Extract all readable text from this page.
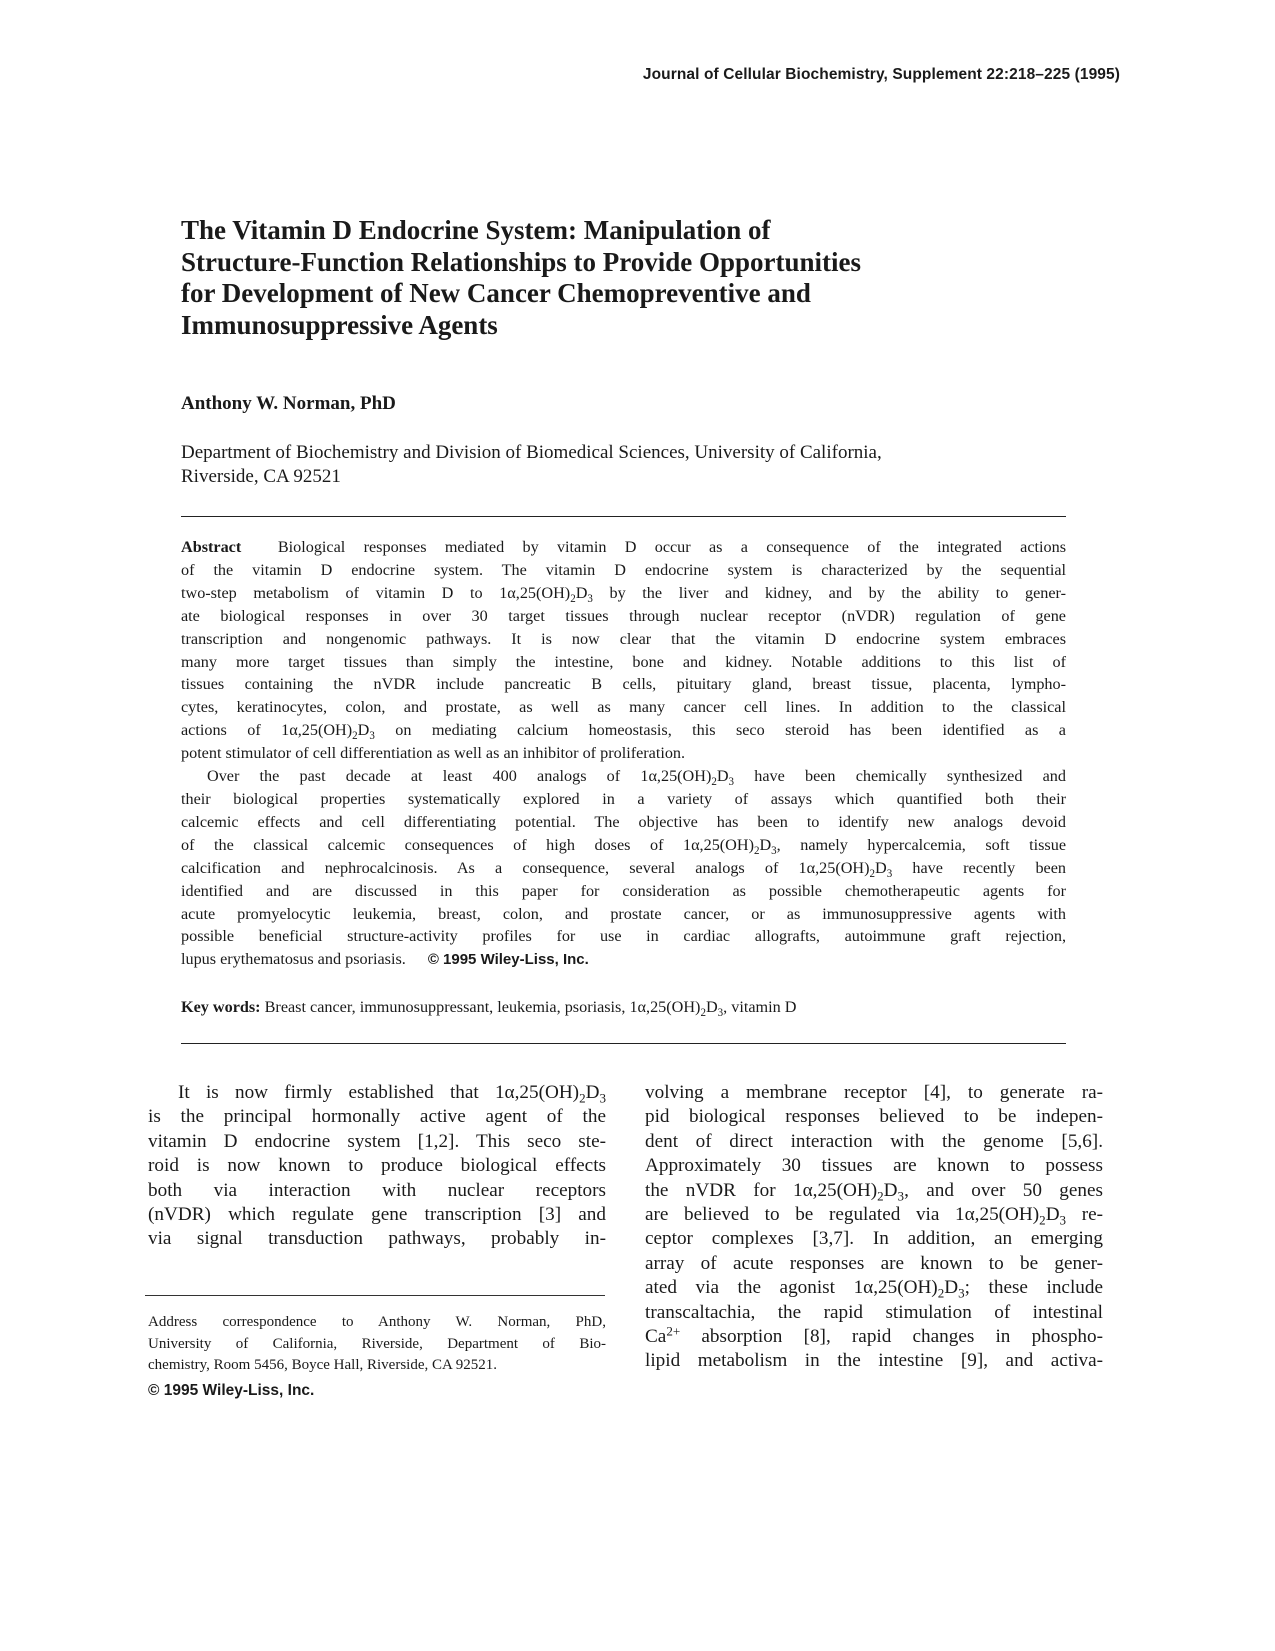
Journal of Cellular Biochemistry, Supplement 22:218–225 (1995)
The Vitamin D Endocrine System: Manipulation of
Structure-Function Relationships to Provide Opportunities
for Development of New Cancer Chemopreventive and
Immunosuppressive Agents
Anthony W. Norman, PhD
Department of Biochemistry and Division of Biomedical Sciences, University of California,
Riverside, CA 92521
Abstract Biological responses mediated by vitamin D occur as a consequence of the integrated actions
of the vitamin D endocrine system. The vitamin D endocrine system is characterized by the sequential
two-step metabolism of vitamin D to $1\alpha,25(OH)_2D_3$ by the liver and kidney, and by the ability to gener-
ate biological responses in over 30 target tissues through nuclear receptor (nVDR) regulation of gene
transcription and nongenomic pathways. It is now clear that the vitamin D endocrine system embraces
many more target tissues than simply the intestine, bone and kidney. Notable additions to this list of
tissues containing the nVDR include pancreatic B cells, pituitary gland, breast tissue, placenta, lympho-
cytes, keratinocytes, colon, and prostate, as well as many cancer cell lines. In addition to the classical
actions of $1\alpha,25(OH)_2D_3$ on mediating calcium homeostasis, this seco steroid has been identified as a
potent stimulator of cell differentiation as well as an inhibitor of proliferation.
Over the past decade at least 400 analogs of $1\alpha,25(OH)_2D_3$ have been chemically synthesized and
their biological properties systematically explored in a variety of assays which quantified both their
calcemic effects and cell differentiating potential. The objective has been to identify new analogs devoid
of the classical calcemic consequences of high doses of $1\alpha,25(OH)_2D_3$, namely hypercalcemia, soft tissue
calcification and nephrocalcinosis. As a consequence, several analogs of $1\alpha,25(OH)_2D_3$ have recently been
identified and are discussed in this paper for consideration as possible chemotherapeutic agents for
acute promyelocytic leukemia, breast, colon, and prostate cancer, or as immunosuppressive agents with
possible beneficial structure-activity profiles for use in cardiac allografts, autoimmune graft rejection,
lupus erythematosus and psoriasis. © 1995 Wiley-Liss, Inc.
Key words: Breast cancer, immunosuppressant, leukemia, psoriasis, $1\alpha,25(OH)_2D_3$, vitamin D
It is now firmly established that $1\alpha,25(OH)_2D_3$
is the principal hormonally active agent of the
vitamin D endocrine system [1,2]. This seco ste-
roid is now known to produce biological effects
both via interaction with nuclear receptors
(nVDR) which regulate gene transcription [3] and
via signal transduction pathways, probably in-
volving a membrane receptor [4], to generate ra-
pid biological responses believed to be indepen-
dent of direct interaction with the genome [5,6].
Approximately 30 tissues are known to possess
the nVDR for $1\alpha,25(OH)_2D_3$, and over 50 genes
are believed to be regulated via $1\alpha,25(OH)_2D_3$ re-
ceptor complexes [3,7]. In addition, an emerging
array of acute responses are known to be gener-
ated via the agonist $1\alpha,25(OH)_2D_3$; these include
transcaltachia, the rapid stimulation of intestinal
$Ca^{2+}$ absorption [8], rapid changes in phospho-
lipid metabolism in the intestine [9], and activa-
Address correspondence to Anthony W. Norman, PhD,
University of California, Riverside, Department of Bio-
chemistry, Room 5456, Boyce Hall, Riverside, CA 92521.
© 1995 Wiley-Liss, Inc.
